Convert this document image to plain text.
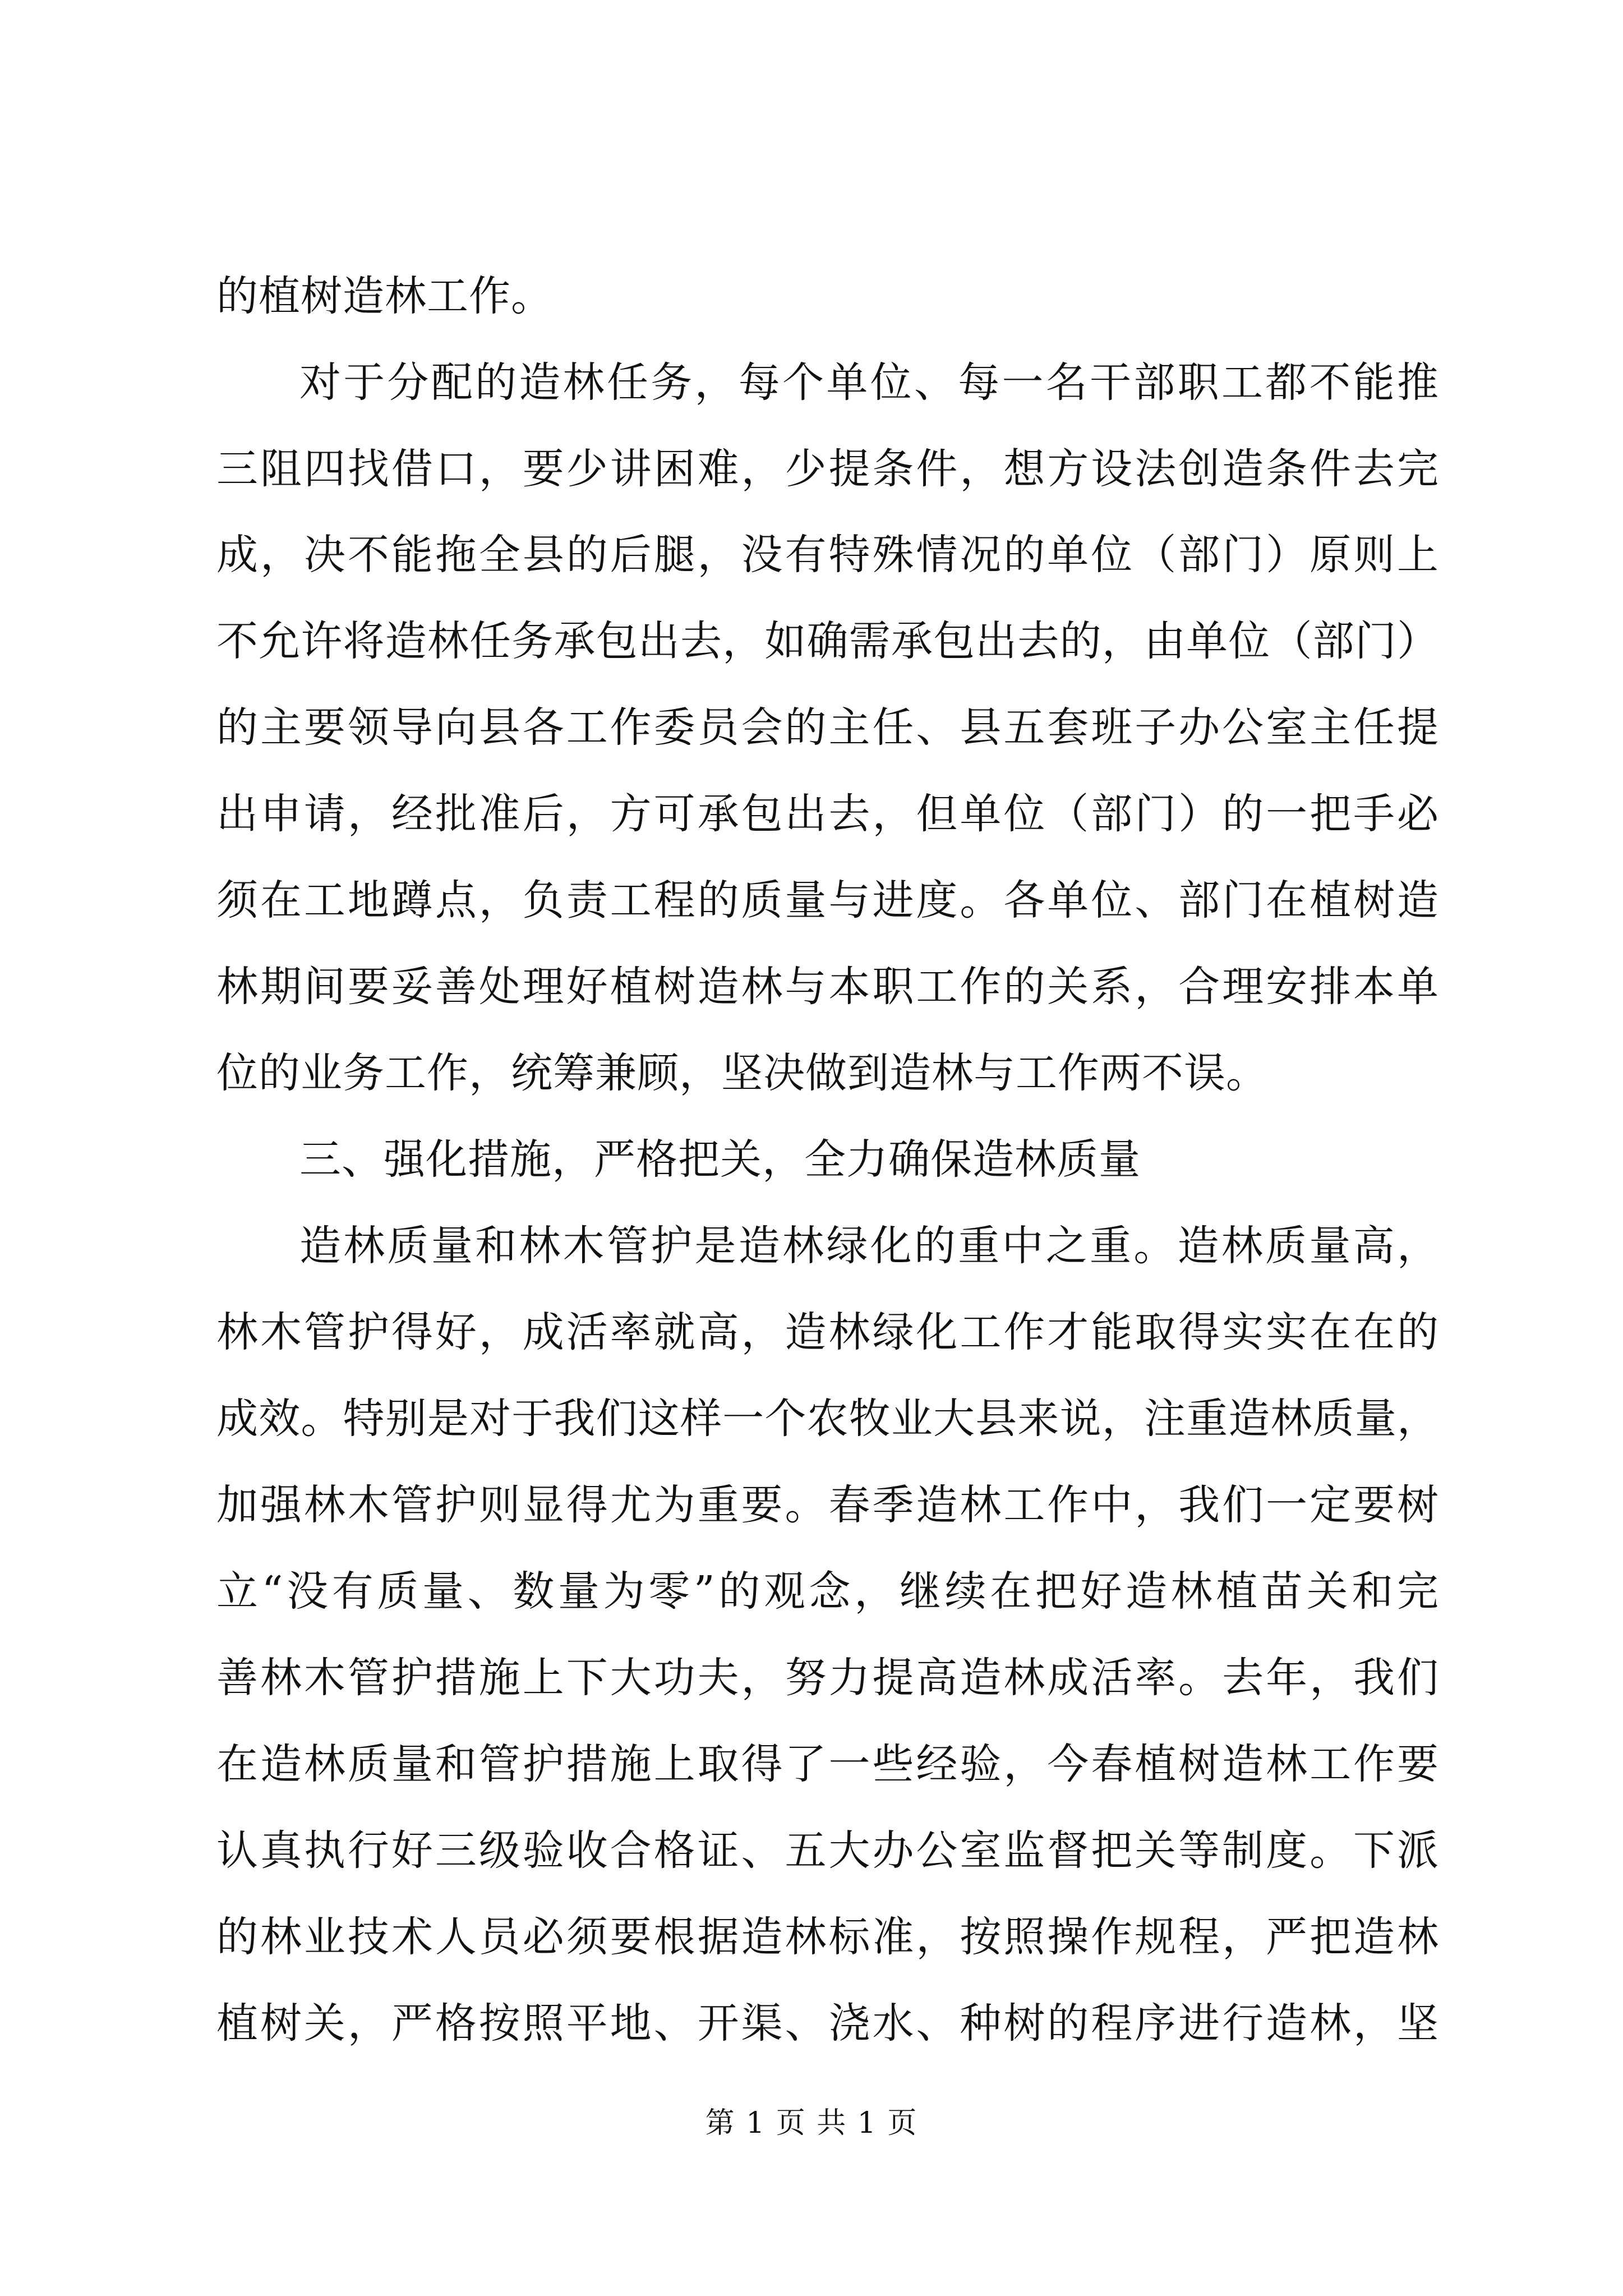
的植树造林工作。
对于分配的造林任务，每个单位、每一名干部职工都不能推
三阻四找借口，要少讲困难，少提条件，想方设法创造条件去完
成，决不能拖全县的后腿，没有特殊情况的单位（部门）原则上
不允许将造林任务承包出去，如确需承包出去的，由单位（部门）
的主要领导向县各工作委员会的主任、县五套班子办公室主任提
出申请，经批准后，方可承包出去，但单位（部门）的一把手必
须在工地蹲点，负责工程的质量与进度。各单位、部门在植树造
林期间要妥善处理好植树造林与本职工作的关系，合理安排本单
位的业务工作，统筹兼顾，坚决做到造林与工作两不误。
三、强化措施，严格把关，全力确保造林质量
造林质量和林木管护是造林绿化的重中之重。造林质量高，
林木管护得好，成活率就高，造林绿化工作才能取得实实在在的
成效。特别是对于我们这样一个农牧业大县来说，注重造林质量，
加强林木管护则显得尤为重要。春季造林工作中，我们一定要树
立“没有质量、数量为零”的观念，继续在把好造林植苗关和完
善林木管护措施上下大功夫，努力提高造林成活率。去年，我们
在造林质量和管护措施上取得了一些经验，今春植树造林工作要
认真执行好三级验收合格证、五大办公室监督把关等制度。下派
的林业技术人员必须要根据造林标准，按照操作规程，严把造林
植树关，严格按照平地、开渠、浇水、种树的程序进行造林，坚
第 1 页 共 1 页
